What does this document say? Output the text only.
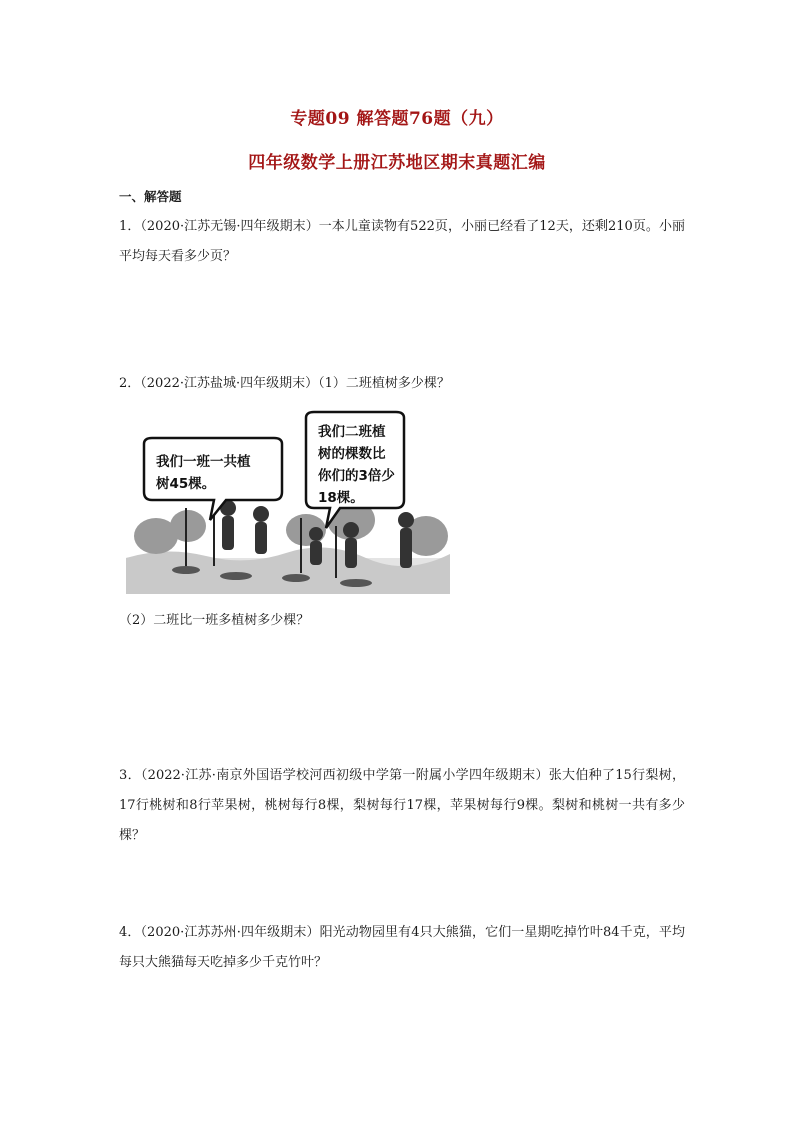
专题09 解答题76题（九）
四年级数学上册江苏地区期末真题汇编
一、解答题
1．（2020·江苏无锡·四年级期末）一本儿童读物有522页，小丽已经看了12天，还剩210页。小丽平均每天看多少页？
2．（2022·江苏盐城·四年级期末）（1）二班植树多少棵？
我们一班一共植
树45棵。
我们二班植
树的棵数比
你们的3倍少
18棵。
（2）二班比一班多植树多少棵？
3．（2022·江苏·南京外国语学校河西初级中学第一附属小学四年级期末）张大伯种了15行梨树，17行桃树和8行苹果树，桃树每行8棵，梨树每行17棵，苹果树每行9棵。梨树和桃树一共有多少棵？
4．（2020·江苏苏州·四年级期末）阳光动物园里有4只大熊猫，它们一星期吃掉竹叶84千克，平均每只大熊猫每天吃掉多少千克竹叶？
